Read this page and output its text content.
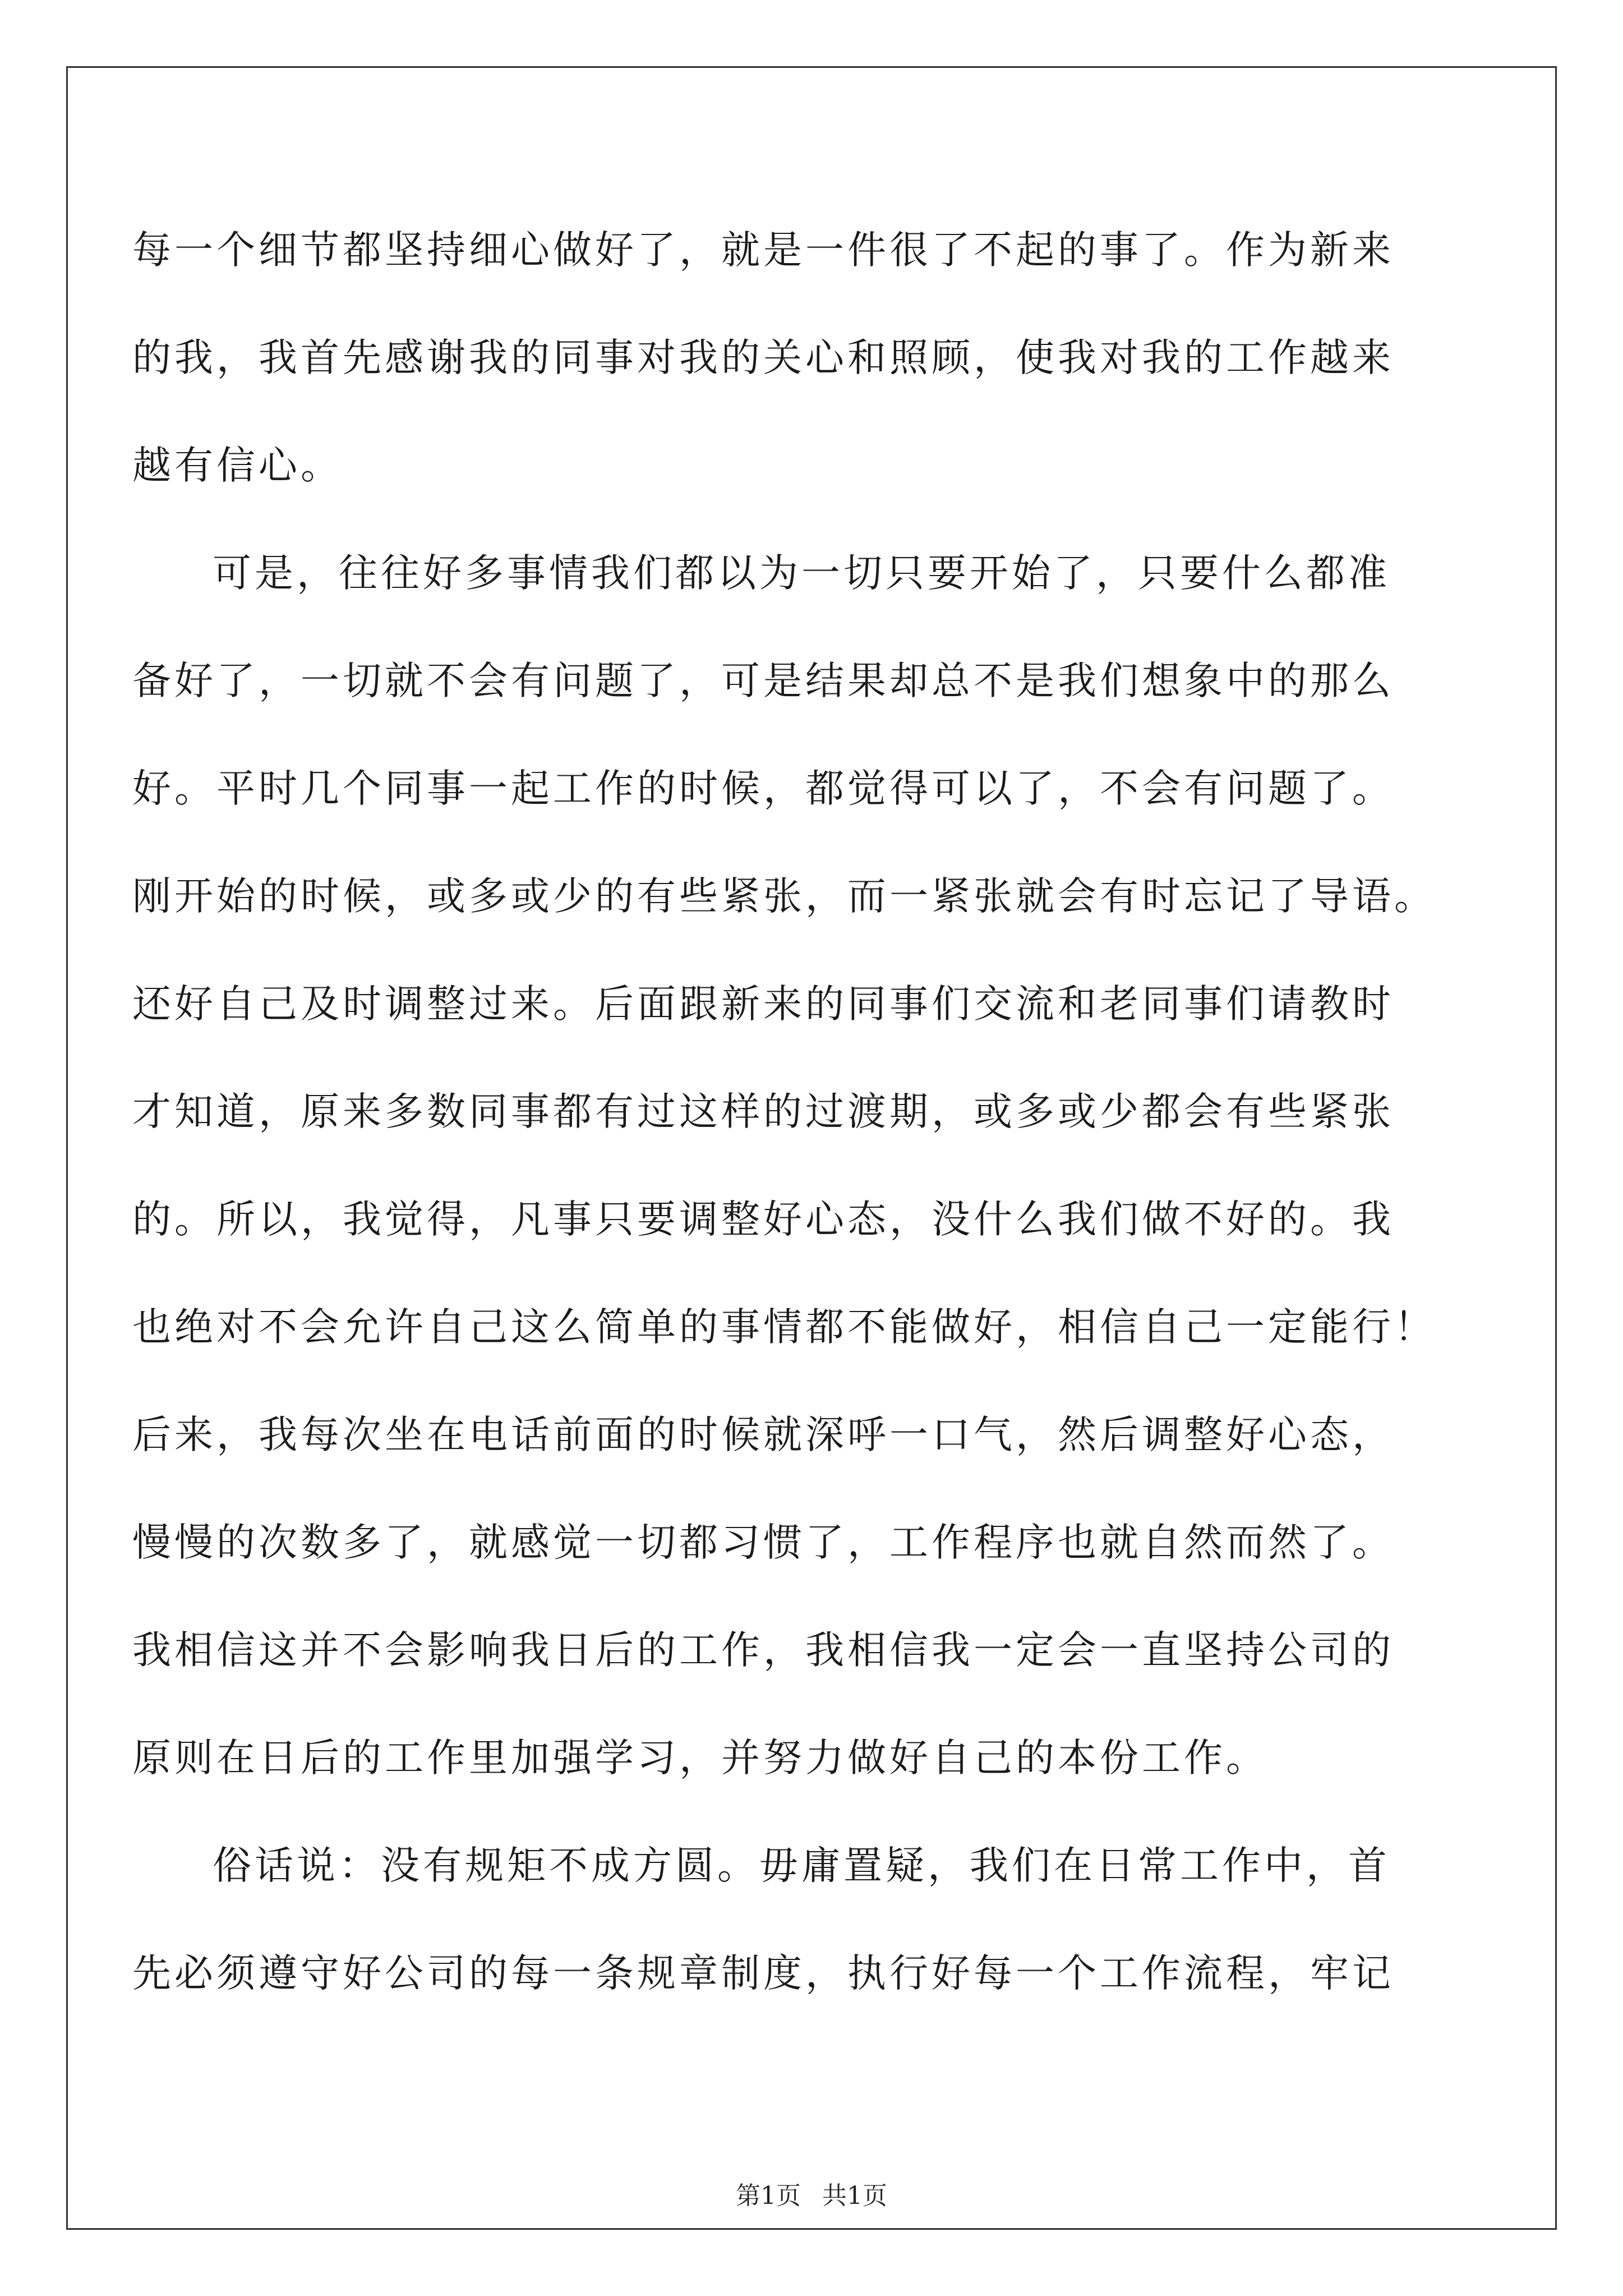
每一个细节都坚持细心做好了，就是一件很了不起的事了。作为新来
的我，我首先感谢我的同事对我的关心和照顾，使我对我的工作越来
越有信心。
可是，往往好多事情我们都以为一切只要开始了，只要什么都准
备好了，一切就不会有问题了，可是结果却总不是我们想象中的那么
好。平时几个同事一起工作的时候，都觉得可以了，不会有问题了。
刚开始的时候，或多或少的有些紧张，而一紧张就会有时忘记了导语。
还好自己及时调整过来。后面跟新来的同事们交流和老同事们请教时
才知道，原来多数同事都有过这样的过渡期，或多或少都会有些紧张
的。所以，我觉得，凡事只要调整好心态，没什么我们做不好的。我
也绝对不会允许自己这么简单的事情都不能做好，相信自己一定能行！
后来，我每次坐在电话前面的时候就深呼一口气，然后调整好心态，
慢慢的次数多了，就感觉一切都习惯了，工作程序也就自然而然了。
我相信这并不会影响我日后的工作，我相信我一定会一直坚持公司的
原则在日后的工作里加强学习，并努力做好自己的本份工作。
俗话说：没有规矩不成方圆。毋庸置疑，我们在日常工作中，首
先必须遵守好公司的每一条规章制度，执行好每一个工作流程，牢记
第1页 共1页
